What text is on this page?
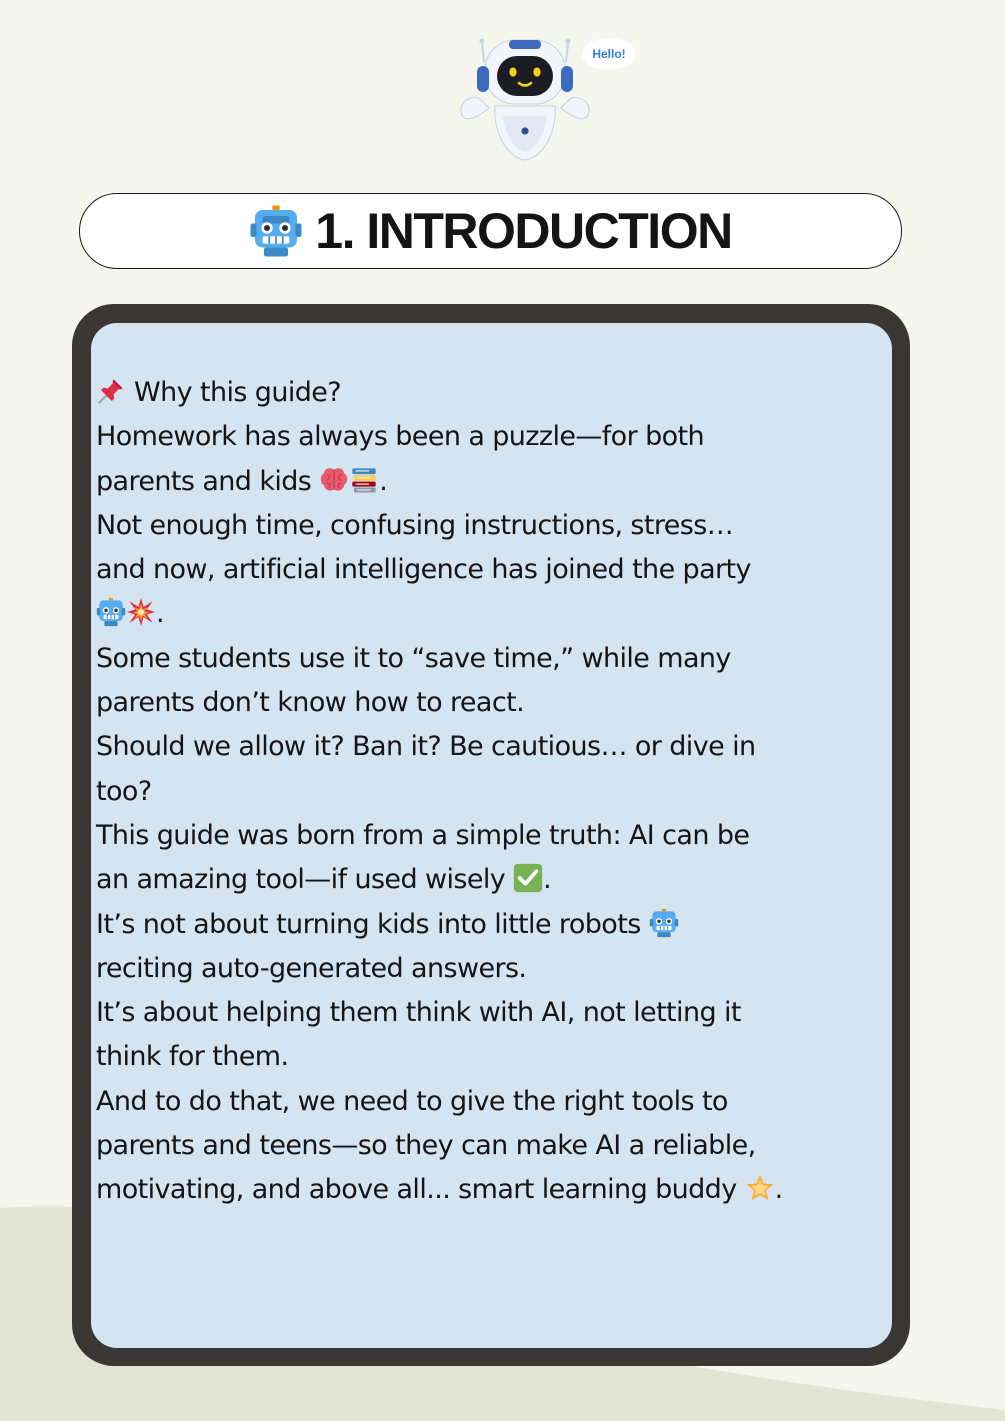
Hello!
1. INTRODUCTION
Why this guide?
Homework has always been a puzzle—for both
parents and kids
.
Not enough time, confusing instructions, stress…
and now, artificial intelligence has joined the party
.
Some students use it to “save time,” while many
parents don’t know how to react.
Should we allow it? Ban it? Be cautious… or dive in
too?
This guide was born from a simple truth: AI can be
an amazing tool—if used wisely
.
It’s not about turning kids into little robots
reciting auto-generated answers.
It’s about helping them think with AI, not letting it
think for them.
And to do that, we need to give the right tools to
parents and teens—so they can make AI a reliable,
motivating, and above all... smart learning buddy
.
